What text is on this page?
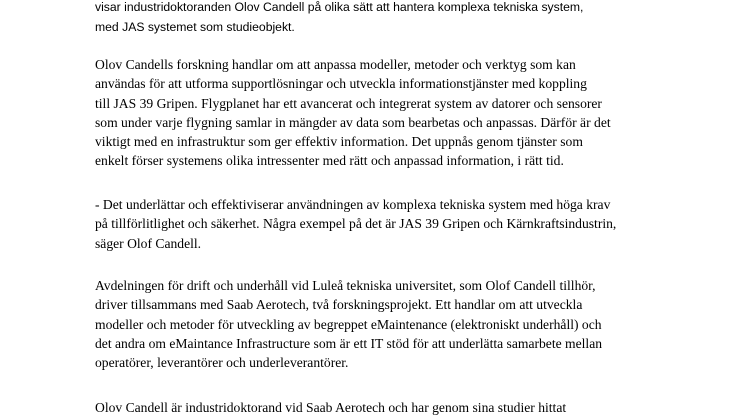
visar industridoktoranden Olov Candell på olika sätt att hantera komplexa tekniska system,
med JAS systemet som studieobjekt.
Olov Candells forskning handlar om att anpassa modeller, metoder och verktyg som kan
användas för att utforma supportlösningar och utveckla informationstjänster med koppling
till JAS 39 Gripen. Flygplanet har ett avancerat och integrerat system av datorer och sensorer
som under varje flygning samlar in mängder av data som bearbetas och anpassas. Därför är det
viktigt med en infrastruktur som ger effektiv information. Det uppnås genom tjänster som
enkelt förser systemens olika intressenter med rätt och anpassad information, i rätt tid.
- Det underlättar och effektiviserar användningen av komplexa tekniska system med höga krav
på tillförlitlighet och säkerhet. Några exempel på det är JAS 39 Gripen och Kärnkraftsindustrin,
säger Olof Candell.
Avdelningen för drift och underhåll vid Luleå tekniska universitet, som Olof Candell tillhör,
driver tillsammans med Saab Aerotech, två forskningsprojekt. Ett handlar om att utveckla
modeller och metoder för utveckling av begreppet eMaintenance (elektroniskt underhåll) och
det andra om eMaintance Infrastructure som är ett IT stöd för att underlätta samarbete mellan
operatörer, leverantörer och underleverantörer.
Olov Candell är industridoktorand vid Saab Aerotech och har genom sina studier hittat
